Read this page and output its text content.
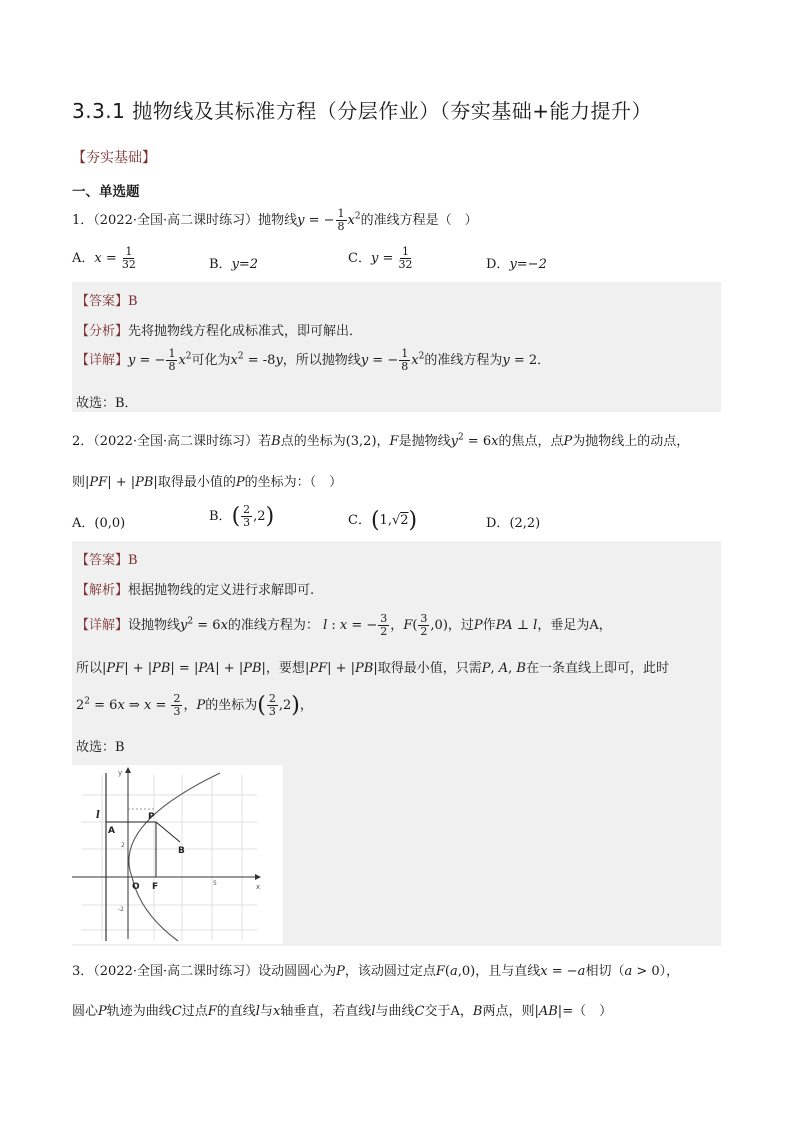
3.3.1 抛物线及其标准方程（分层作业）（夯实基础+能力提升）
【夯实基础】
一、单选题
1．（2022·全国·高二课时练习）抛物线y = − $\frac{1}{8} x^2$的准线方程是（　）
A．$x = \frac{1}{32}$	B．y=2	C．$y = \frac{1}{32}$	D．y=−2
【答案】B
【分析】先将抛物线方程化成标准式，即可解出．
【详解】y = − $\frac{1}{8} x^2$可化为$x^2 = -8y$，所以抛物线y = − $\frac{1}{8} x^2$的准线方程为y = 2．
故选：B．
2．（2022·全国·高二课时练习）若B点的坐标为(3,2)，F是抛物线$y^2 = 6x$的焦点，点P为抛物线上的动点，
则|PF| + |PB|取得最小值的P的坐标为：（　）
A．(0,0)	B．( $\frac{2}{3} ,2$)	C．(1,√2)	D．(2,2)
【答案】B
【解析】根据抛物线的定义进行求解即可.
【详解】设抛物线$y^2 = 6x$的准线方程为： l : x = − $\frac{3}{2}$ ，$F( \frac{3}{2} ,0)$，过P作PA ⊥ l，垂足为A，
所以|PF| + |PB| = |PA| + |PB|，要想|PF| + |PB|取得最小值，只需P, A, B在一条直线上即可，此时
$2^2 = 6x$ ⇒ $x = \frac{2}{3}$ ，P的坐标为( $\frac{2}{3} ,2$)，
故选：B
y
x
l
A
P
B
O F
2
-2
5
3．（2022·全国·高二课时练习）设动圆圆心为P，该动圆过定点F(a,0)，且与直线x = −a相切（a > 0），
圆心P轨迹为曲线C过点F的直线l与x轴垂直，若直线l与曲线C交于A，B两点，则|AB|=（　）
